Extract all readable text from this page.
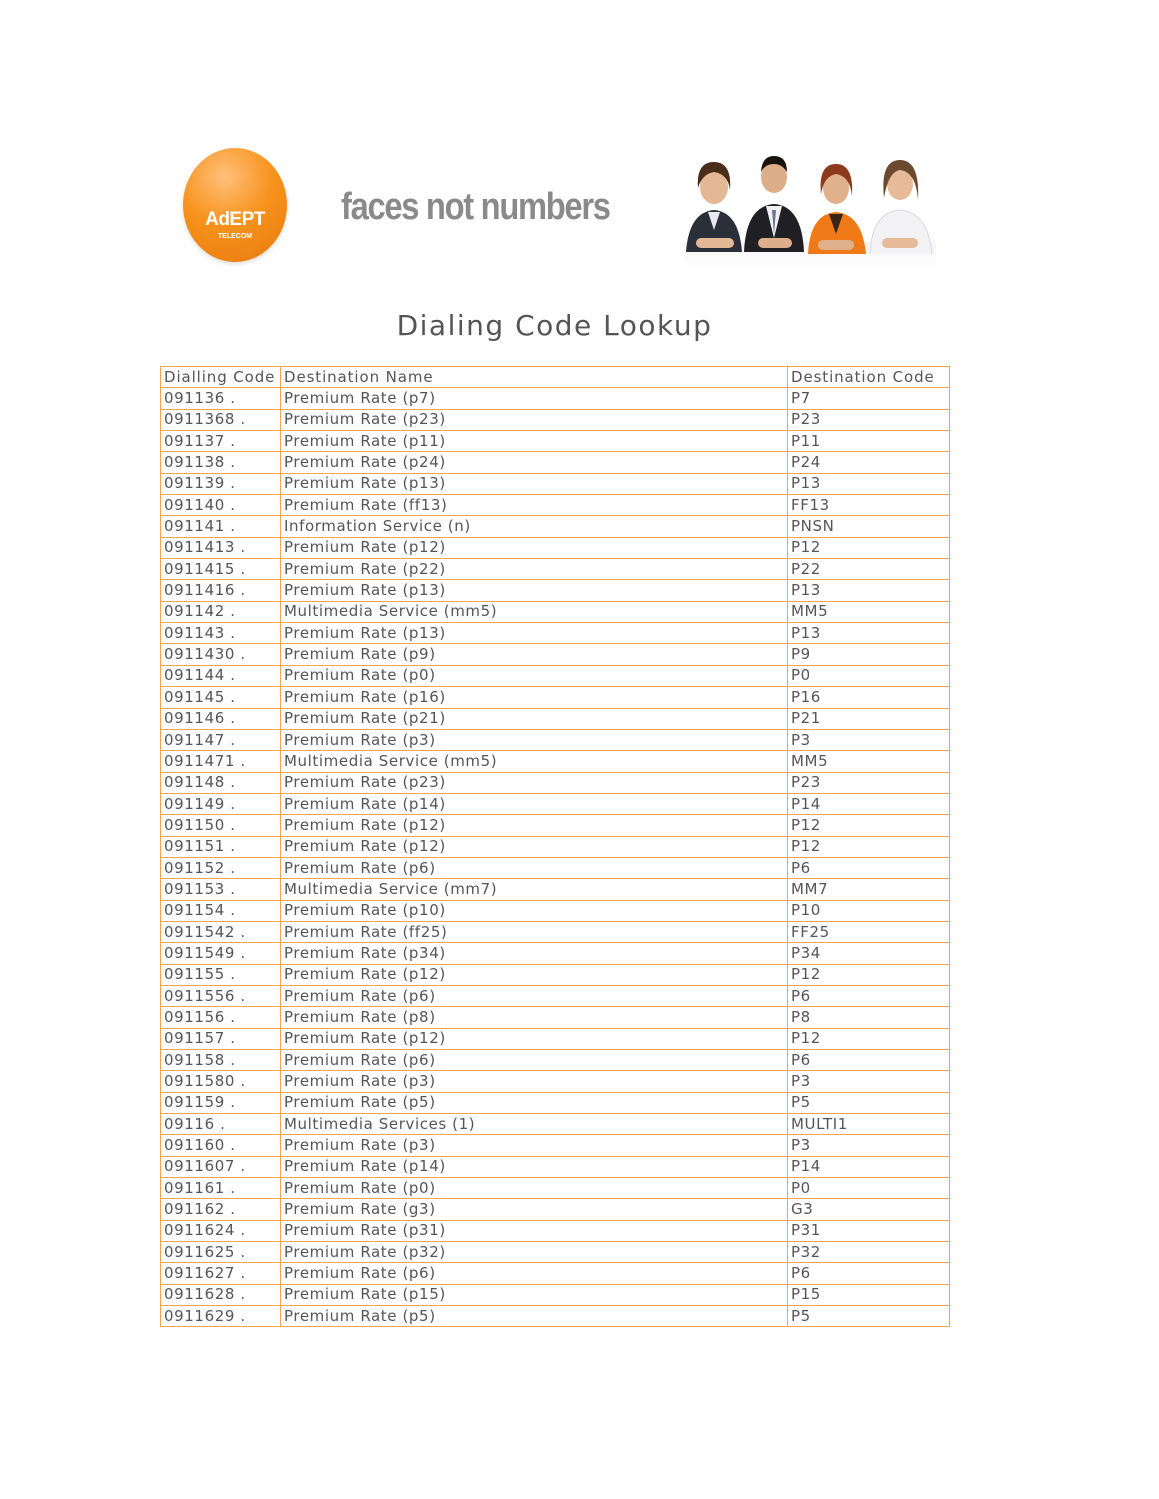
AdEPT
TELECOM
faces not numbers
Dialing Code Lookup
Dialling Code	Destination Name	Destination Code
091136 .	Premium Rate (p7)	P7
0911368 .	Premium Rate (p23)	P23
091137 .	Premium Rate (p11)	P11
091138 .	Premium Rate (p24)	P24
091139 .	Premium Rate (p13)	P13
091140 .	Premium Rate (ff13)	FF13
091141 .	Information Service (n)	PNSN
0911413 .	Premium Rate (p12)	P12
0911415 .	Premium Rate (p22)	P22
0911416 .	Premium Rate (p13)	P13
091142 .	Multimedia Service (mm5)	MM5
091143 .	Premium Rate (p13)	P13
0911430 .	Premium Rate (p9)	P9
091144 .	Premium Rate (p0)	P0
091145 .	Premium Rate (p16)	P16
091146 .	Premium Rate (p21)	P21
091147 .	Premium Rate (p3)	P3
0911471 .	Multimedia Service (mm5)	MM5
091148 .	Premium Rate (p23)	P23
091149 .	Premium Rate (p14)	P14
091150 .	Premium Rate (p12)	P12
091151 .	Premium Rate (p12)	P12
091152 .	Premium Rate (p6)	P6
091153 .	Multimedia Service (mm7)	MM7
091154 .	Premium Rate (p10)	P10
0911542 .	Premium Rate (ff25)	FF25
0911549 .	Premium Rate (p34)	P34
091155 .	Premium Rate (p12)	P12
0911556 .	Premium Rate (p6)	P6
091156 .	Premium Rate (p8)	P8
091157 .	Premium Rate (p12)	P12
091158 .	Premium Rate (p6)	P6
0911580 .	Premium Rate (p3)	P3
091159 .	Premium Rate (p5)	P5
09116 .	Multimedia Services (1)	MULTI1
091160 .	Premium Rate (p3)	P3
0911607 .	Premium Rate (p14)	P14
091161 .	Premium Rate (p0)	P0
091162 .	Premium Rate (g3)	G3
0911624 .	Premium Rate (p31)	P31
0911625 .	Premium Rate (p32)	P32
0911627 .	Premium Rate (p6)	P6
0911628 .	Premium Rate (p15)	P15
0911629 .	Premium Rate (p5)	P5
